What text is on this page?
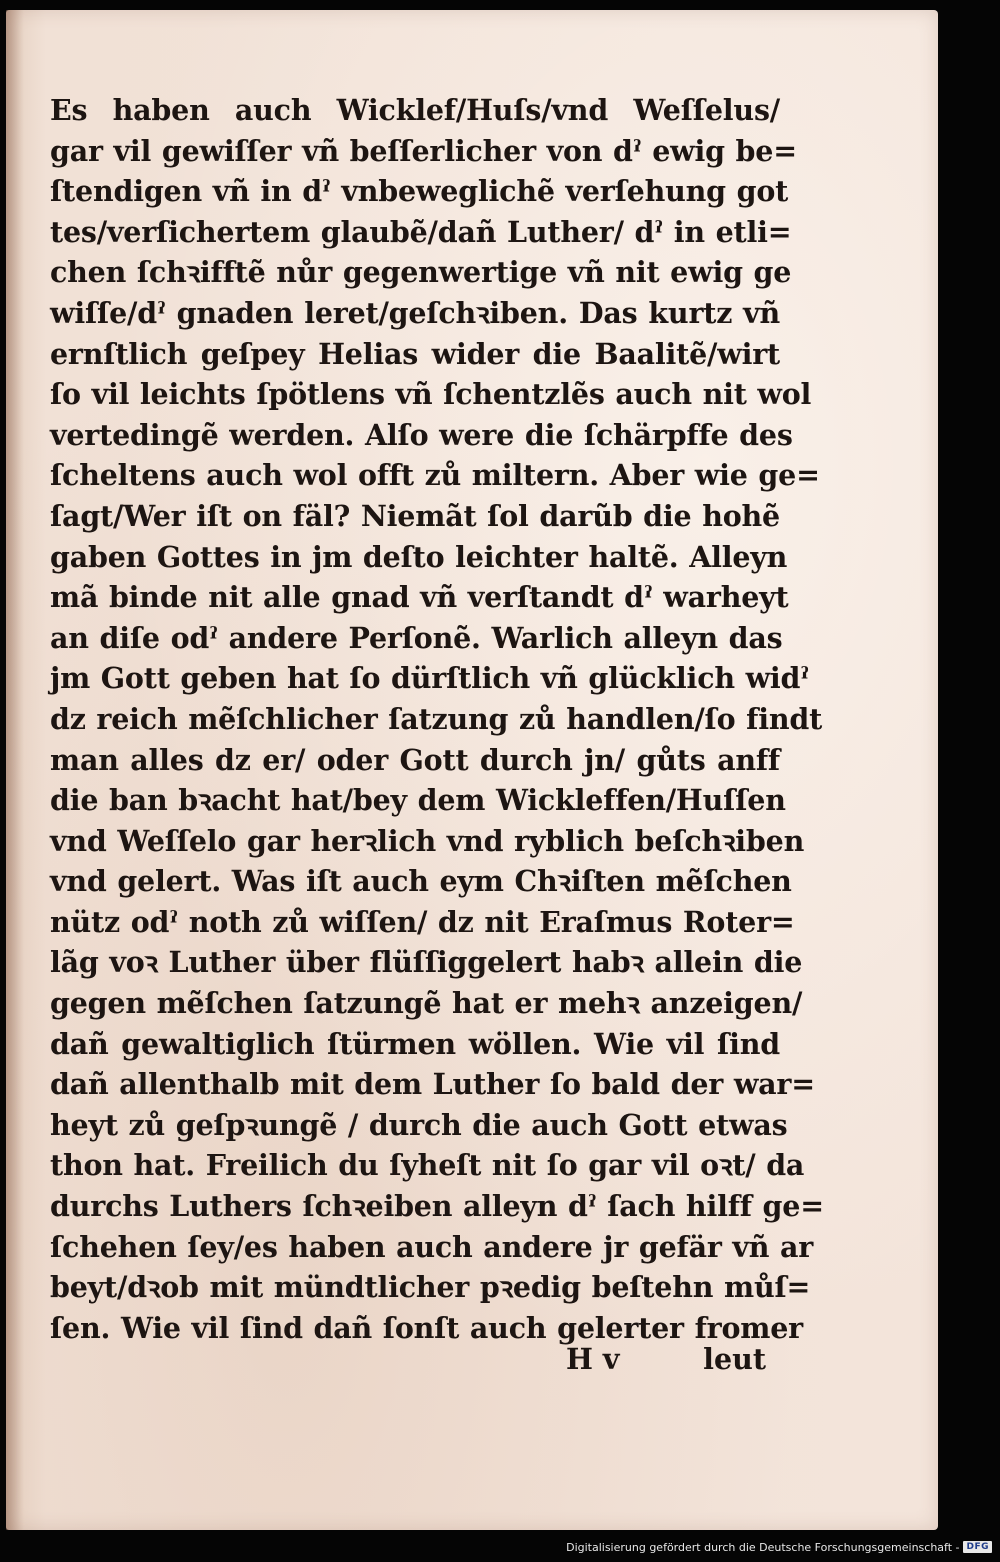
Es haben auch Wicklef/Huſs/vnd Weſſelus/
gar vil gewiſſer vñ beſſerlicher von dˀ ewig be=
ſtendigen vñ in dˀ vnbeweglichẽ verſehung got
tes/verſichertem glaubẽ/dañ Luther/ dˀ in etli=
chen ſchꝛifftẽ nůr gegenwertige vñ nit ewig ge
wiſſe/dˀ gnaden leret/geſchꝛiben. Das kurtz vñ
ernſtlich geſpey Helias wider die Baalitẽ/wirt
ſo vil leichts ſpötlens vñ ſchentzlẽs auch nit wol
vertedingẽ werden. Alſo were die ſchärpffe des
ſcheltens auch wol offt zů miltern. Aber wie ge=
ſagt/Wer iſt on fäl? Niemãt ſol darũb die hohẽ
gaben Gottes in jm deſto leichter haltẽ. Alleyn
mã binde nit alle gnad vñ verſtandt dˀ warheyt
an diſe odˀ andere Perſonẽ. Warlich alleyn das
jm Gott geben hat ſo dürſtlich vñ glücklich widˀ
dz reich mẽſchlicher ſatzung zů handlen/ſo findt
man alles dz er/ oder Gott durch jn/ gůts anff
die ban bꝛacht hat/bey dem Wickleffen/Huſſen
vnd Weſſelo gar herꝛlich vnd ryblich beſchꝛiben
vnd gelert. Was iſt auch eym Chꝛiſten mẽſchen
nütz odˀ noth zů wiſſen/ dz nit Eraſmus Roter=
lãg voꝛ Luther über flüſſiggelert habꝛ allein die
gegen mẽſchen ſatzungẽ hat er mehꝛ anzeigen/
dañ gewaltiglich ſtürmen wöllen. Wie vil ſind
dañ allenthalb mit dem Luther ſo bald der war=
heyt zů geſpꝛungẽ / durch die auch Gott etwas
thon hat. Freilich du ſyheſt nit ſo gar vil oꝛt/ da
durchs Luthers ſchꝛeiben alleyn dˀ ſach hilff ge=
ſchehen ſey/es haben auch andere jr gefär vñ ar
beyt/dꝛob mit mündtlicher pꝛedig beſtehn můſ=
ſen. Wie vil ſind dañ ſonſt auch gelerter fromer
H v	leut
Digitalisierung gefördert durch die Deutsche Forschungsgemeinschaft - DFG
